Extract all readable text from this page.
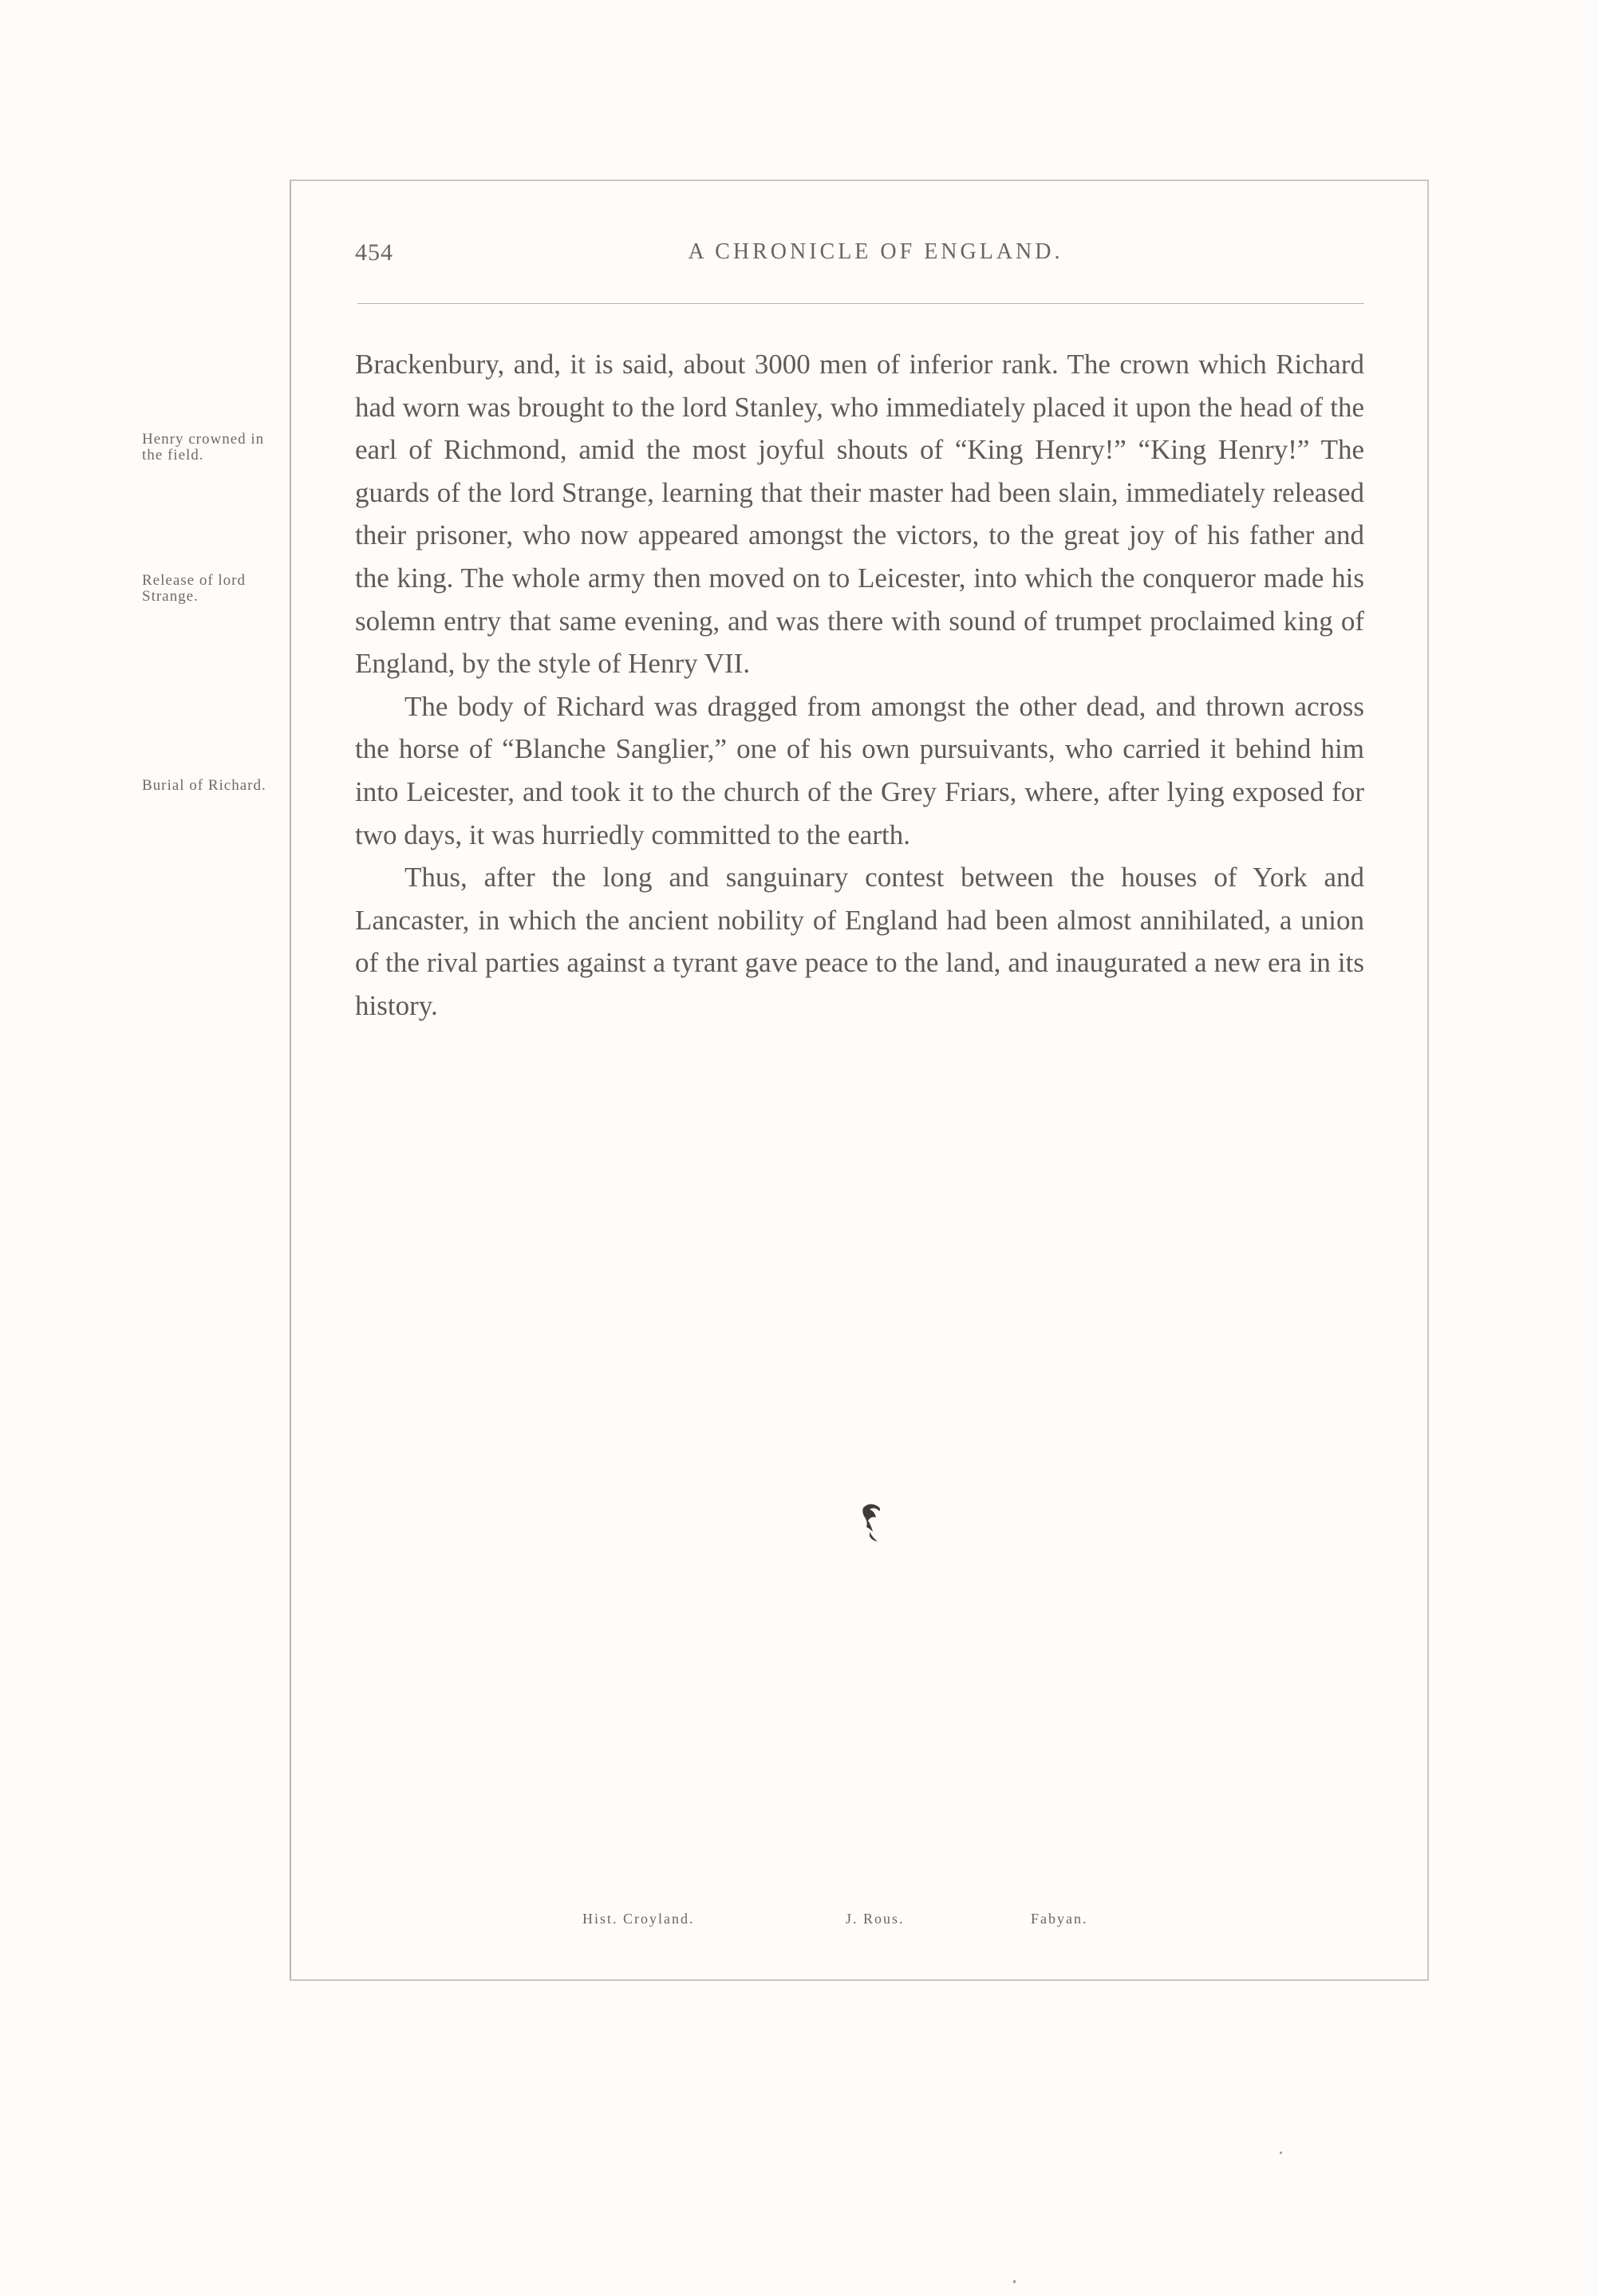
454	A CHRONICLE OF ENGLAND.
Henry crowned in the field.
Release of lord Strange.
Burial of Richard.

Brackenbury, and, it is said, about 3000 men of inferior rank. The crown which Richard had worn was brought to the lord Stanley, who immediately placed it upon the head of the earl of Richmond, amid the most joyful shouts of “King Henry!” “King Henry!” The guards of the lord Strange, learning that their master had been slain, immediately released their prisoner, who now appeared amongst the victors, to the great joy of his father and the king. The whole army then moved on to Leicester, into which the conqueror made his solemn entry that same evening, and was there with sound of trumpet proclaimed king of England, by the style of Henry VII.

The body of Richard was dragged from amongst the other dead, and thrown across the horse of “Blanche Sanglier,” one of his own pursuivants, who carried it behind him into Leicester, and took it to the church of the Grey Friars, where, after lying exposed for two days, it was hurriedly committed to the earth.

Thus, after the long and sanguinary contest between the houses of York and Lancaster, in which the ancient nobility of England had been almost annihilated, a union of the rival parties against a tyrant gave peace to the land, and inaugurated a new era in its history.

Hist. Croyland.	J. Rous.	Fabyan.
